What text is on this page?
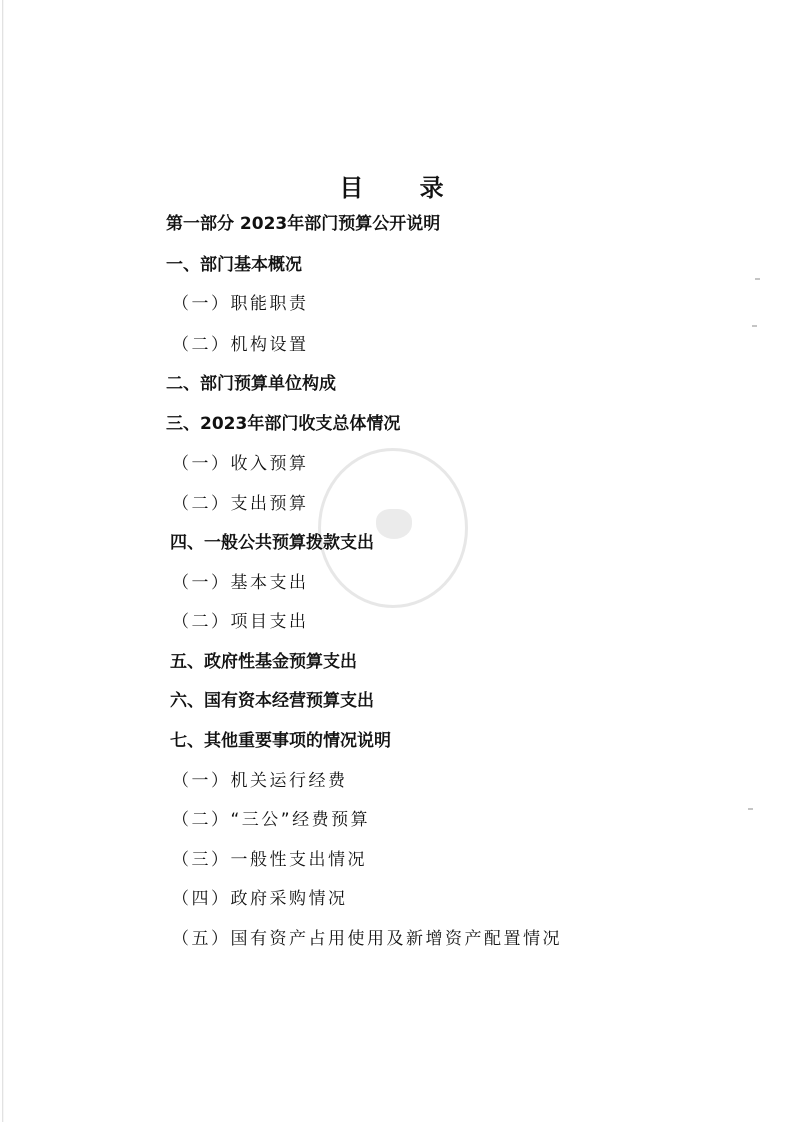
目 录
第一部分 2023年部门预算公开说明
一、部门基本概况
（一）职能职责
（二）机构设置
二、部门预算单位构成
三、2023年部门收支总体情况
（一）收入预算
（二）支出预算
四、一般公共预算拨款支出
（一）基本支出
（二）项目支出
五、政府性基金预算支出
六、国有资本经营预算支出
七、其他重要事项的情况说明
（一）机关运行经费
（二）“三公”经费预算
（三）一般性支出情况
（四）政府采购情况
（五）国有资产占用使用及新增资产配置情况
